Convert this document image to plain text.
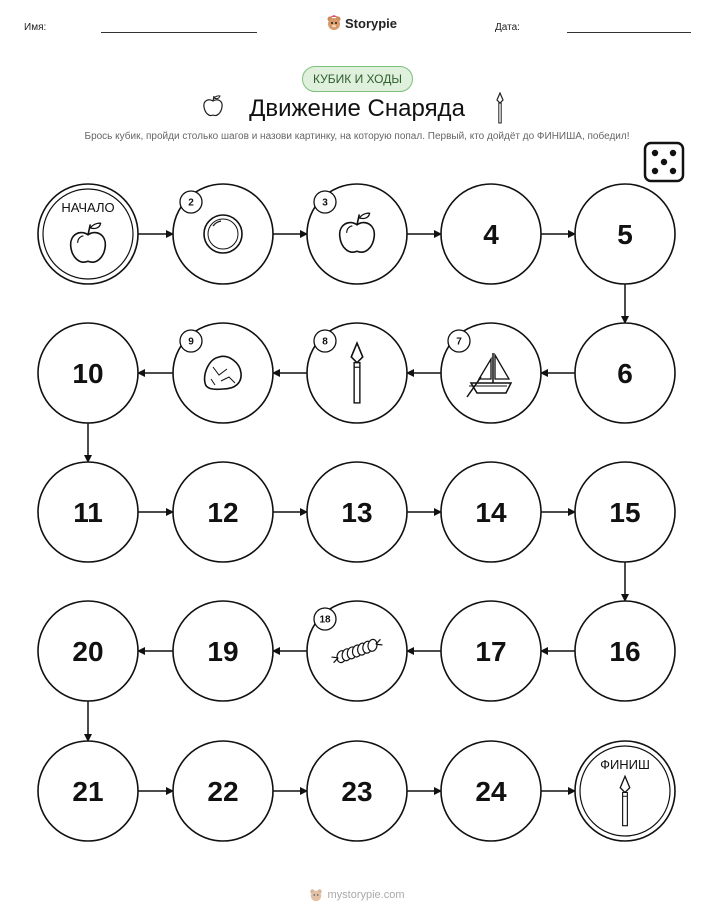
Имя:	Storypie	Дата:
КУБИК И ХОДЫ
Движение Снаряда
Брось кубик, пройди столько шагов и назови картинку, на которую попал. Первый, кто дойдёт до ФИНИША, победил!
НАЧАЛО	2	3
4	5
6
7
8
9
10
11	12	13	14	15
16
17
18
19
20
21	22	23	24
ФИНИШ
mystorypie.com
